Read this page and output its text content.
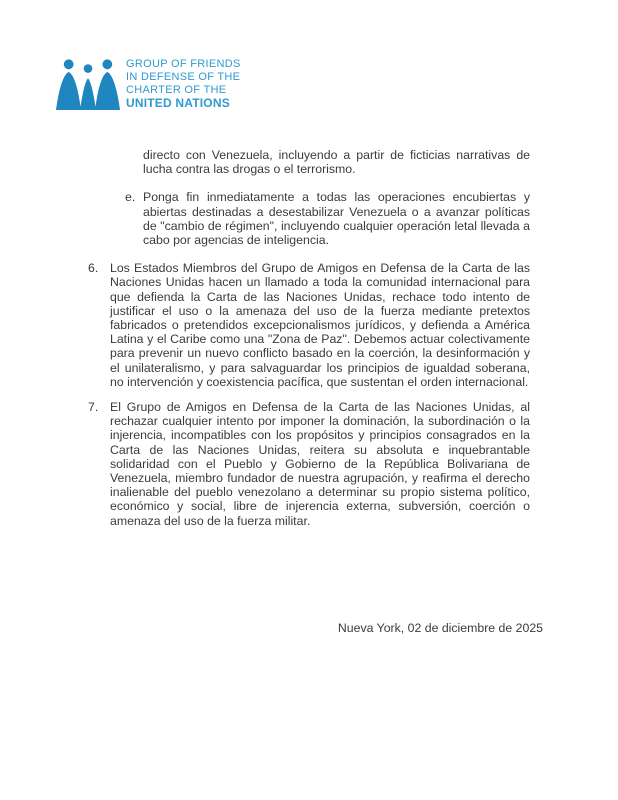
GROUP OF FRIENDS
IN DEFENSE OF THE
CHARTER OF THE
UNITED NATIONS

directo con Venezuela, incluyendo a partir de ficticias narrativas de lucha contra las drogas o el terrorismo.

e. Ponga fin inmediatamente a todas las operaciones encubiertas y abiertas destinadas a desestabilizar Venezuela o a avanzar políticas de "cambio de régimen", incluyendo cualquier operación letal llevada a cabo por agencias de inteligencia.

6. Los Estados Miembros del Grupo de Amigos en Defensa de la Carta de las Naciones Unidas hacen un llamado a toda la comunidad internacional para que defienda la Carta de las Naciones Unidas, rechace todo intento de justificar el uso o la amenaza del uso de la fuerza mediante pretextos fabricados o pretendidos excepcionalismos jurídicos, y defienda a América Latina y el Caribe como una "Zona de Paz". Debemos actuar colectivamente para prevenir un nuevo conflicto basado en la coerción, la desinformación y el unilateralismo, y para salvaguardar los principios de igualdad soberana, no intervención y coexistencia pacífica, que sustentan el orden internacional.

7. El Grupo de Amigos en Defensa de la Carta de las Naciones Unidas, al rechazar cualquier intento por imponer la dominación, la subordinación o la injerencia, incompatibles con los propósitos y principios consagrados en la Carta de las Naciones Unidas, reitera su absoluta e inquebrantable solidaridad con el Pueblo y Gobierno de la República Bolivariana de Venezuela, miembro fundador de nuestra agrupación, y reafirma el derecho inalienable del pueblo venezolano a determinar su propio sistema político, económico y social, libre de injerencia externa, subversión, coerción o amenaza del uso de la fuerza militar.

Nueva York, 02 de diciembre de 2025
